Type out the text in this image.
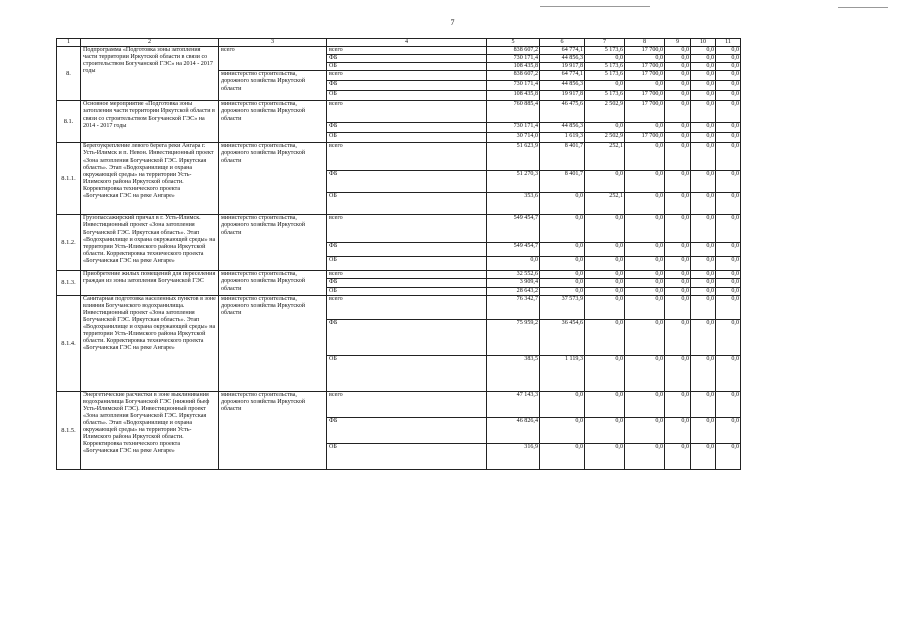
7
1	2	3	4	5	6	7	8	9	10	11
8.	Подпрограмма «Подготовка зоны затопления части территории Иркутской области в связи со строительством Богучанской ГЭС» на 2014 - 2017 годы	всего	всего	838 607,2	64 774,1	5 173,6	17 700,0	0,0	0,0	0,0
			ФБ	730 171,4	44 856,3	0,0	0,0	0,0	0,0	0,0
			ОБ	108 435,8	19 917,8	5 173,6	17 700,0	0,0	0,0	0,0
		министерство строительства, дорожного хозяйства Иркутской области	всего	838 607,2	64 774,1	5 173,6	17 700,0	0,0	0,0	0,0
			ФБ	730 171,4	44 856,3	0,0	0,0	0,0	0,0	0,0
			ОБ	108 435,8	19 917,8	5 173,6	17 700,0	0,0	0,0	0,0
8.1.	Основное мероприятие «Подготовка зоны затопления части территории Иркутской области в связи со строительством Богучанской ГЭС» на 2014 - 2017 годы	министерство строительства, дорожного хозяйства Иркутской области	всего	760 885,4	46 475,6	2 502,9	17 700,0	0,0	0,0	0,0
			ФБ	730 171,4	44 856,3	0,0	0,0	0,0	0,0	0,0
			ОБ	30 714,0	1 619,3	2 502,9	17 700,0	0,0	0,0	0,0
8.1.1.	Берегоукрепление левого берега реки Ангара г. Усть-Илимск и п. Невон. Инвестиционный проект «Зона затопления Богучанской ГЭС. Иркутская область». Этап «Водохранилище и охрана окружающей среды» на территории Усть-Илимского района Иркутской области. Корректировка технического проекта «Богучанская ГЭС на реке Ангаре»	министерство строительства, дорожного хозяйства Иркутской области	всего	51 623,9	8 401,7	252,1	0,0	0,0	0,0	0,0
			ФБ	51 270,3	8 401,7	0,0	0,0	0,0	0,0	0,0
			ОБ	353,6	0,0	252,1	0,0	0,0	0,0	0,0
8.1.2.	Грузопассажирский причал в г. Усть-Илимск. Инвестиционный проект «Зона затопления Богучанской ГЭС. Иркутская область». Этап «Водохранилище и охрана окружающей среды» на территории Усть-Илимского района Иркутской области. Корректировка технического проекта «Богучанская ГЭС на реке Ангаре»	министерство строительства, дорожного хозяйства Иркутской области	всего	549 454,7	0,0	0,0	0,0	0,0	0,0	0,0
			ФБ	549 454,7	0,0	0,0	0,0	0,0	0,0	0,0
			ОБ	0,0	0,0	0,0	0,0	0,0	0,0	0,0
8.1.3.	Приобретение жилых помещений для переселения граждан из зоны затопления Богучанской ГЭС	министерство строительства, дорожного хозяйства Иркутской области	всего	32 552,6	0,0	0,0	0,0	0,0	0,0	0,0
			ФБ	3 909,4	0,0	0,0	0,0	0,0	0,0	0,0
			ОБ	28 643,2	0,0	0,0	0,0	0,0	0,0	0,0
8.1.4.	Санитарная подготовка населенных пунктов в зоне влияния Богучанского водохранилища. Инвестиционный проект «Зона затопления Богучанской ГЭС. Иркутская область». Этап «Водохранилище и охрана окружающей среды» на территории Усть-Илимского района Иркутской области. Корректировка технического проекта «Богучанская ГЭС на реке Ангаре»	министерство строительства, дорожного хозяйства Иркутской области	всего	76 342,7	37 573,9	0,0	0,0	0,0	0,0	0,0
			ФБ	75 959,2	36 454,6	0,0	0,0	0,0	0,0	0,0
			ОБ	383,5	1 119,3	0,0	0,0	0,0	0,0	0,0
8.1.5.	Энергетические расчистки в зоне выклинивания водохранилища Богучанской ГЭС (нижний бьеф Усть-Илимской ГЭС). Инвестиционный проект «Зона затопления Богучанской ГЭС. Иркутская область». Этап «Водохранилище и охрана окружающей среды» на территории Усть-Илимского района Иркутской области. Корректировка технического проекта «Богучанская ГЭС на реке Ангаре»	министерство строительства, дорожного хозяйства Иркутской области	всего	47 143,3	0,0	0,0	0,0	0,0	0,0	0,0
			ФБ	46 826,4	0,0	0,0	0,0	0,0	0,0	0,0
			ОБ	316,9	0,0	0,0	0,0	0,0	0,0	0,0
